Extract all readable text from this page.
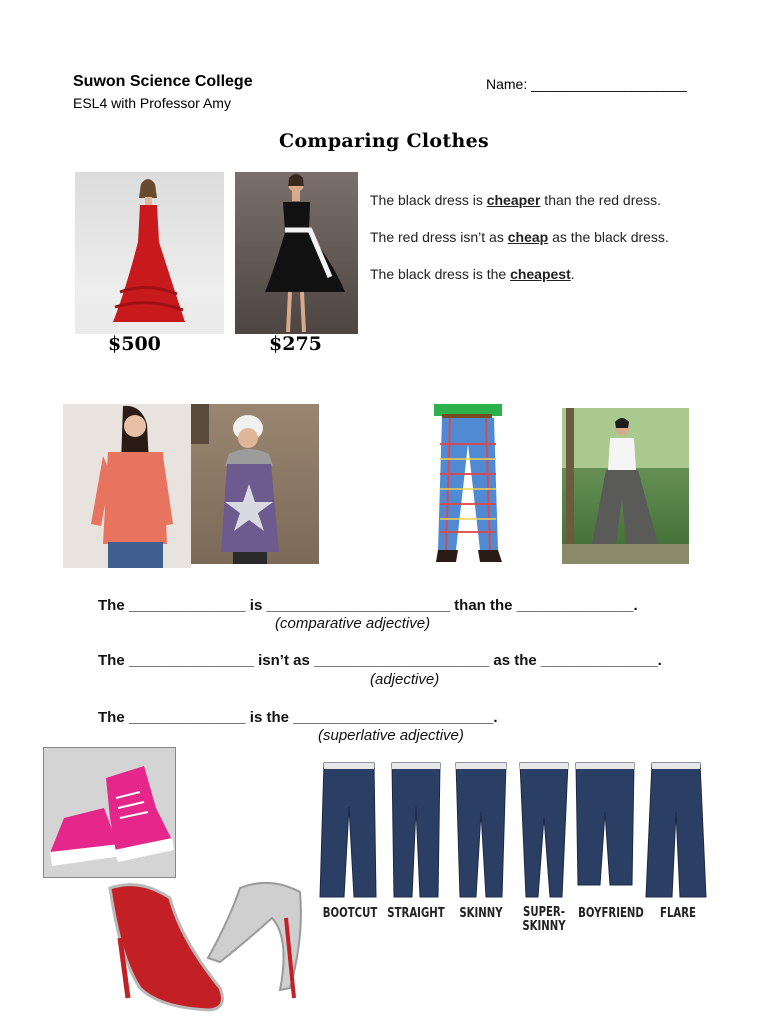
Suwon Science College
ESL4 with Professor Amy
Name: ____________________
Comparing Clothes
$500	$275
The black dress is cheaper than the red dress.
The red dress isn’t as cheap as the black dress.
The black dress is the cheapest.
The ______________ is ______________________ than the ______________.
(comparative adjective)
The _______________ isn’t as _____________________ as the ______________.
(adjective)
The ______________ is the ________________________.
(superlative adjective)
BOOTCUT STRAIGHT	SKINNY	SUPER-
SKINNY
BOYFRIEND	FLARE
